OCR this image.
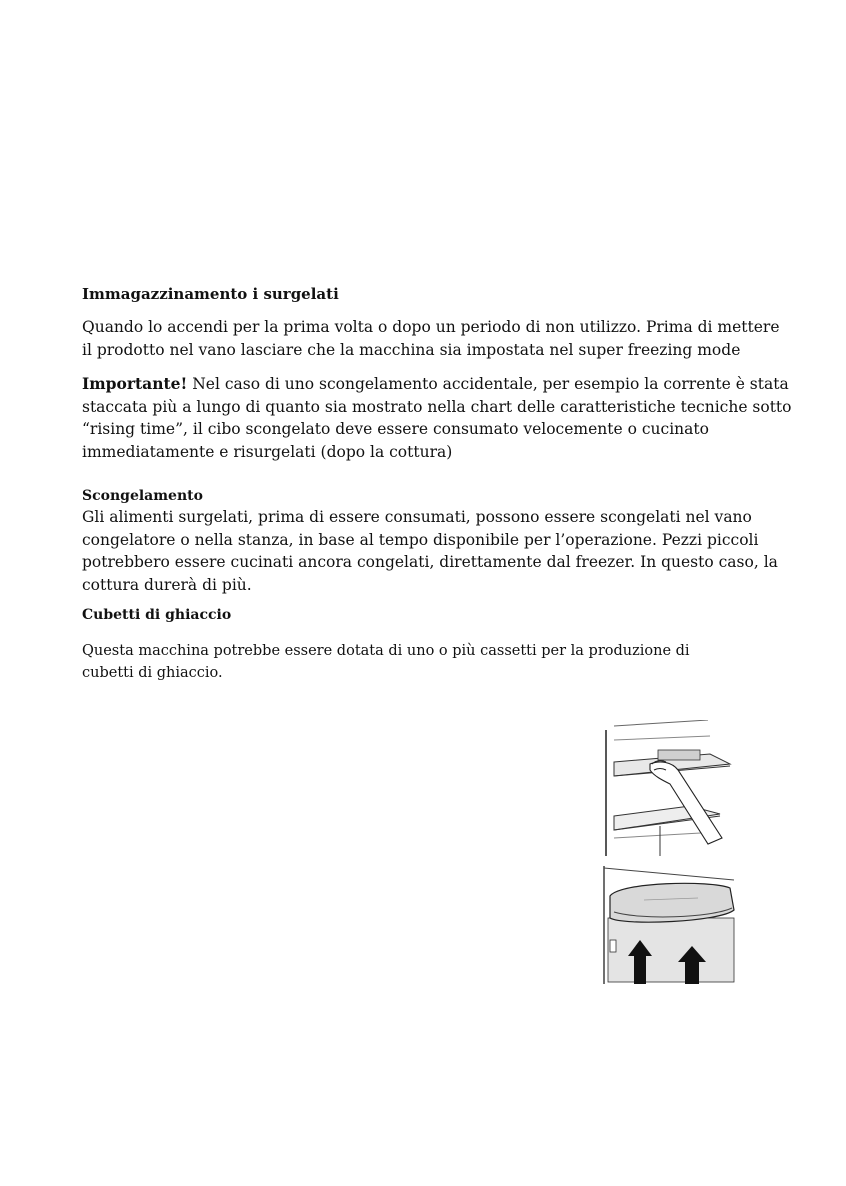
Immagazzinamento i surgelati

Quando lo accendi per la prima volta o dopo un periodo di non utilizzo. Prima di mettere il prodotto nel vano lasciare che la macchina sia impostata nel super freezing mode

Importante! Nel caso di uno scongelamento accidentale, per esempio la corrente è stata staccata più a lungo di quanto sia mostrato nella chart delle caratteristiche tecniche sotto “rising time”, il cibo scongelato deve essere consumato velocemente o cucinato immediatamente e risurgelati (dopo la cottura)

Scongelamento

Gli alimenti surgelati, prima di essere consumati, possono essere scongelati nel vano congelatore o nella stanza, in base al tempo disponibile per l’operazione. Pezzi piccoli potrebbero essere cucinati ancora congelati, direttamente dal freezer. In questo caso, la cottura durerà di più.

Cubetti di ghiaccio

Questa macchina potrebbe essere dotata di uno o più cassetti per la produzione di cubetti di ghiaccio.
